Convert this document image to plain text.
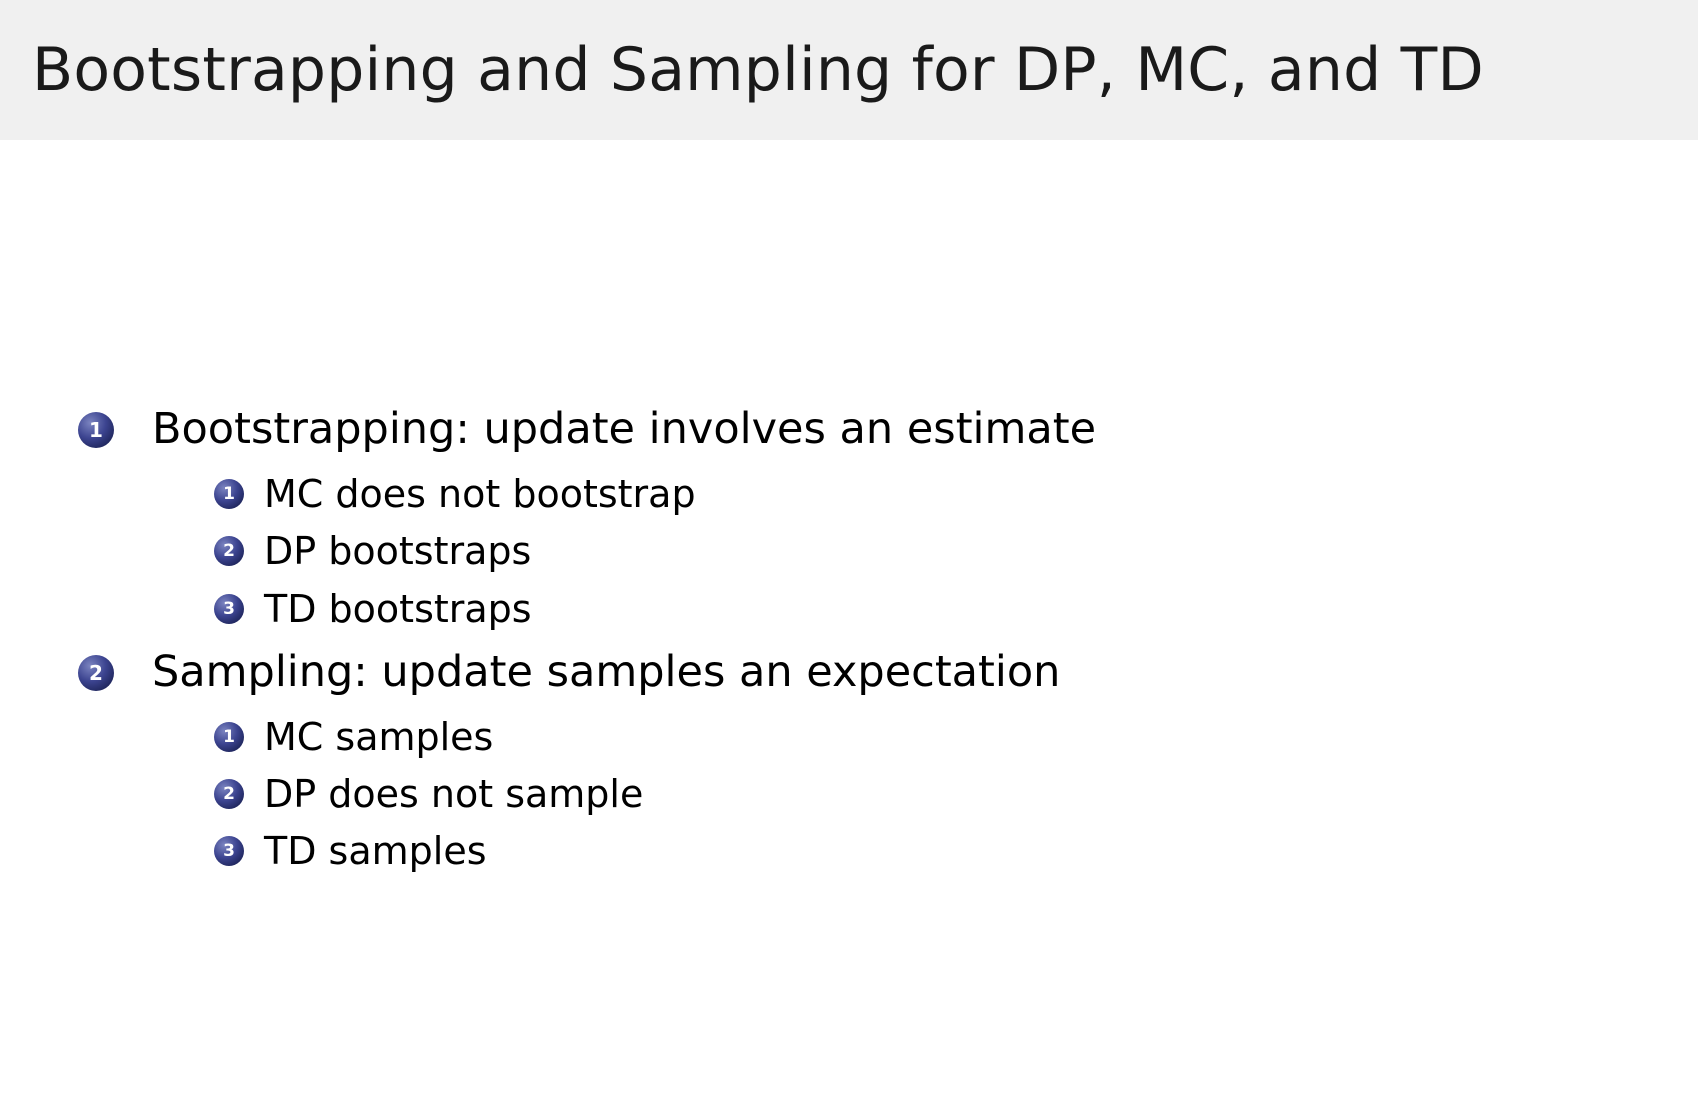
Bootstrapping and Sampling for DP, MC, and TD
1 Bootstrapping: update involves an estimate
1 MC does not bootstrap
2 DP bootstraps
3 TD bootstraps
2 Sampling: update samples an expectation
1 MC samples
2 DP does not sample
3 TD samples
